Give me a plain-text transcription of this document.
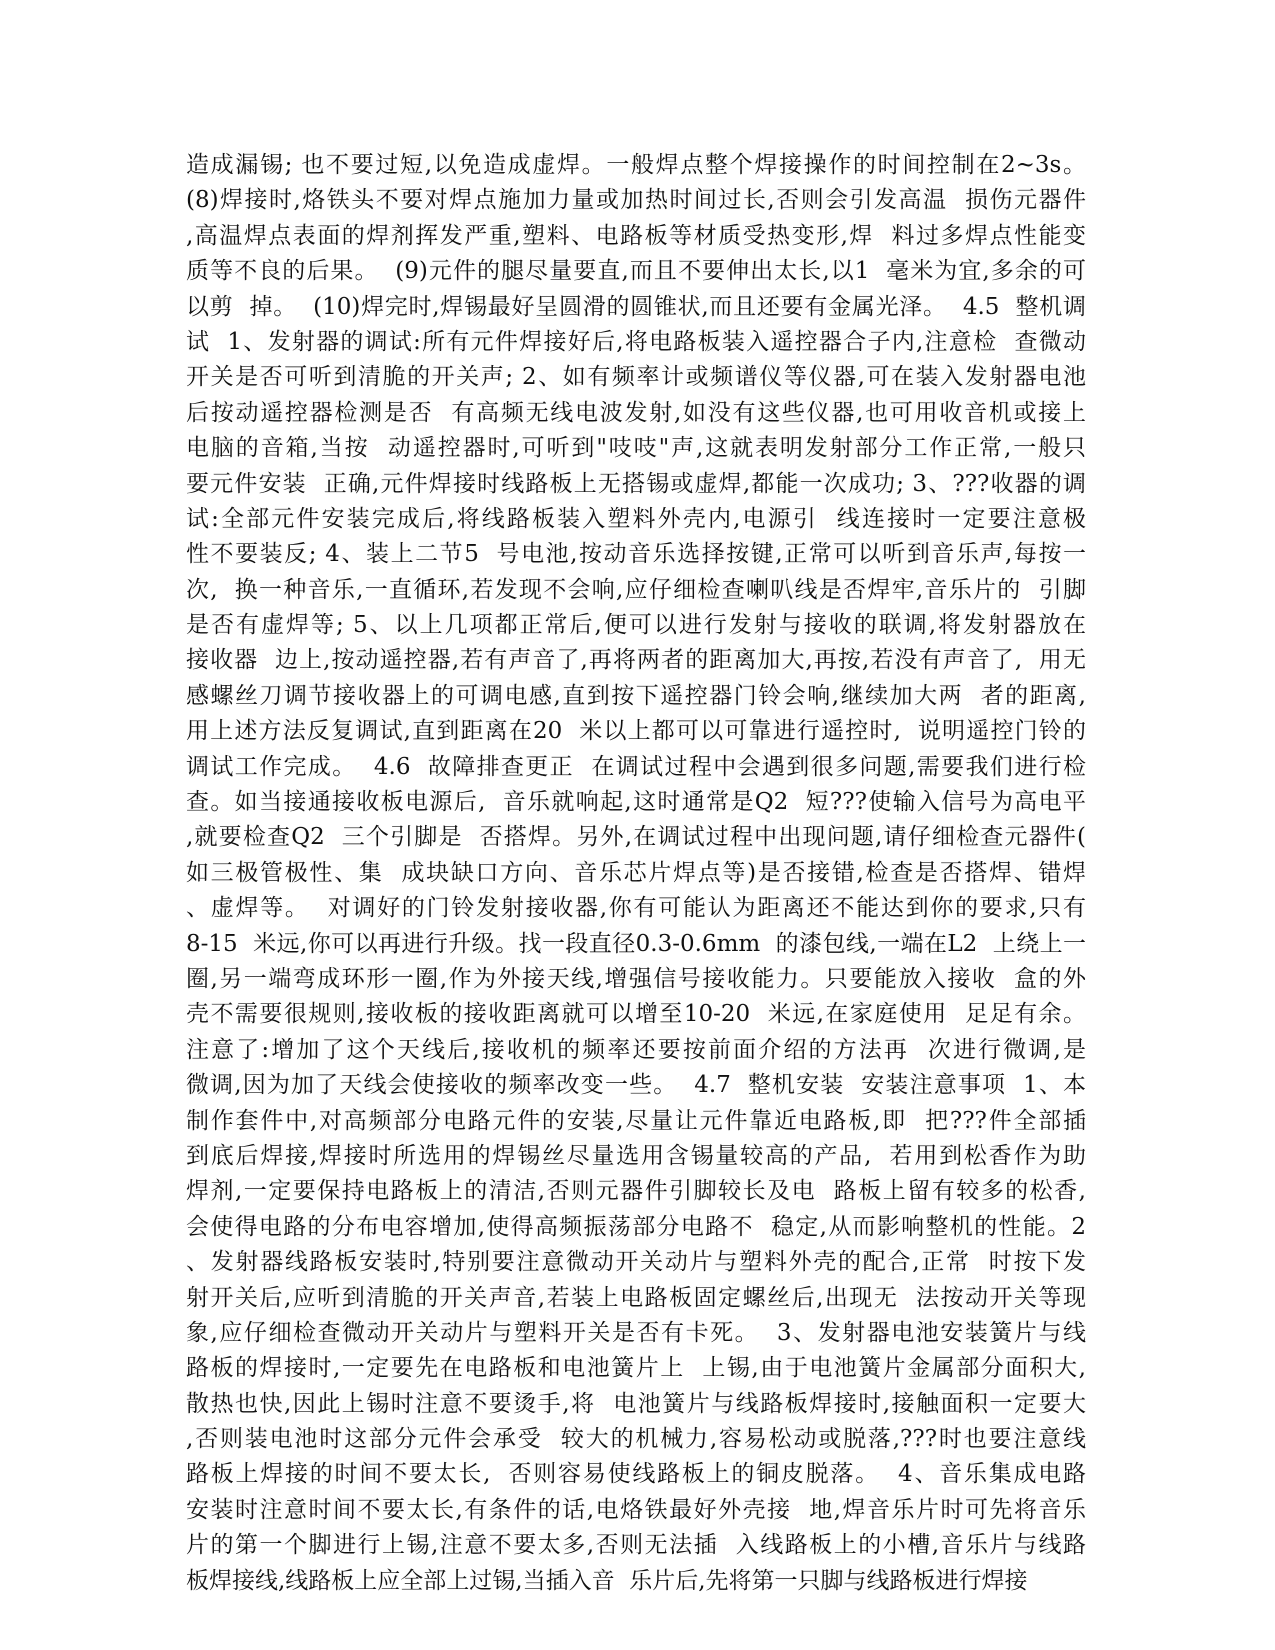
造成漏锡; 也不要过短,以免造成虚焊。一般焊点整个焊接操作的时间控制在2~3s。
(8)焊接时,烙铁头不要对焊点施加力量或加热时间过长,否则会引发高温  损伤元器件
,高温焊点表面的焊剂挥发严重,塑料、电路板等材质受热变形,焊  料过多焊点性能变
质等不良的后果。  (9)元件的腿尽量要直,而且不要伸出太长,以1  毫米为宜,多余的可
以剪  掉。  (10)焊完时,焊锡最好呈圆滑的圆锥状,而且还要有金属光泽。  4.5  整机调
试  1、发射器的调试:所有元件焊接好后,将电路板装入遥控器合子内,注意检  查微动
开关是否可听到清脆的开关声; 2、如有频率计或频谱仪等仪器,可在装入发射器电池
后按动遥控器检测是否  有高频无线电波发射,如没有这些仪器,也可用收音机或接上
电脑的音箱,当按  动遥控器时,可听到"吱吱"声,这就表明发射部分工作正常,一般只
要元件安装  正确,元件焊接时线路板上无搭锡或虚焊,都能一次成功; 3、???收器的调
试:全部元件安装完成后,将线路板装入塑料外壳内,电源引  线连接时一定要注意极
性不要装反; 4、装上二节5  号电池,按动音乐选择按键,正常可以听到音乐声,每按一
次,  换一种音乐,一直循环,若发现不会响,应仔细检查喇叭线是否焊牢,音乐片的  引脚
是否有虚焊等; 5、以上几项都正常后,便可以进行发射与接收的联调,将发射器放在
接收器  边上,按动遥控器,若有声音了,再将两者的距离加大,再按,若没有声音了,  用无
感螺丝刀调节接收器上的可调电感,直到按下遥控器门铃会响,继续加大两  者的距离,
用上述方法反复调试,直到距离在20  米以上都可以可靠进行遥控时,  说明遥控门铃的
调试工作完成。  4.6  故障排查更正  在调试过程中会遇到很多问题,需要我们进行检
查。如当接通接收板电源后,  音乐就响起,这时通常是Q2  短???使输入信号为高电平
,就要检查Q2  三个引脚是  否搭焊。另外,在调试过程中出现问题,请仔细检查元器件(
如三极管极性、集  成块缺口方向、音乐芯片焊点等)是否接错,检查是否搭焊、错焊
、虚焊等。  对调好的门铃发射接收器,你有可能认为距离还不能达到你的要求,只有
8-15  米远,你可以再进行升级。找一段直径0.3-0.6mm  的漆包线,一端在L2  上绕上一
圈,另一端弯成环形一圈,作为外接天线,增强信号接收能力。只要能放入接收  盒的外
壳不需要很规则,接收板的接收距离就可以增至10-20  米远,在家庭使用  足足有余。
注意了:增加了这个天线后,接收机的频率还要按前面介绍的方法再  次进行微调,是
微调,因为加了天线会使接收的频率改变一些。  4.7  整机安装  安装注意事项  1、本
制作套件中,对高频部分电路元件的安装,尽量让元件靠近电路板,即  把???件全部插
到底后焊接,焊接时所选用的焊锡丝尽量选用含锡量较高的产品,  若用到松香作为助
焊剂,一定要保持电路板上的清洁,否则元器件引脚较长及电  路板上留有较多的松香,
会使得电路的分布电容增加,使得高频振荡部分电路不  稳定,从而影响整机的性能。2
、发射器线路板安装时,特别要注意微动开关动片与塑料外壳的配合,正常  时按下发
射开关后,应听到清脆的开关声音,若装上电路板固定螺丝后,出现无  法按动开关等现
象,应仔细检查微动开关动片与塑料开关是否有卡死。  3、发射器电池安装簧片与线
路板的焊接时,一定要先在电路板和电池簧片上  上锡,由于电池簧片金属部分面积大,
散热也快,因此上锡时注意不要烫手,将  电池簧片与线路板焊接时,接触面积一定要大
,否则装电池时这部分元件会承受  较大的机械力,容易松动或脱落,???时也要注意线
路板上焊接的时间不要太长,  否则容易使线路板上的铜皮脱落。  4、音乐集成电路
安装时注意时间不要太长,有条件的话,电烙铁最好外壳接  地,焊音乐片时可先将音乐
片的第一个脚进行上锡,注意不要太多,否则无法插  入线路板上的小槽,音乐片与线路
板焊接线,线路板上应全部上过锡,当插入音  乐片后,先将第一只脚与线路板进行焊接
